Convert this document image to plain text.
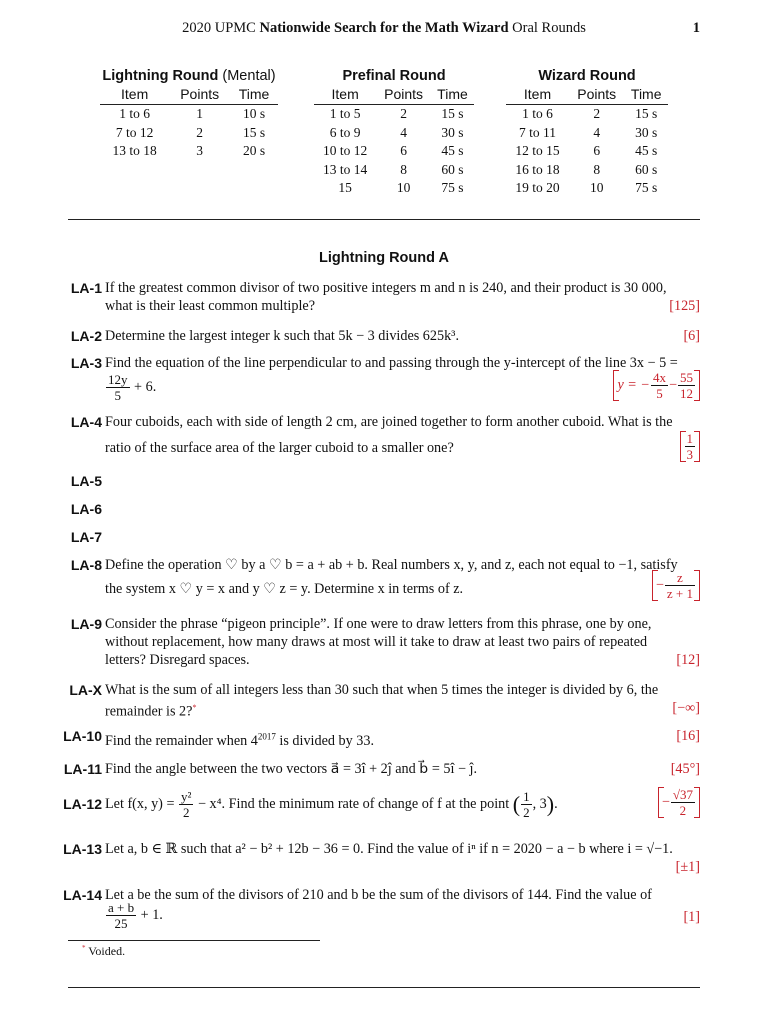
2020 UPMC Nationwide Search for the Math Wizard Oral Rounds	1
Lightning Round (Mental)
Item	Points	Time
1 to 6	1	10 s
7 to 12	2	15 s
13 to 18	3	20 s
Prefinal Round
Item	Points	Time
1 to 5	2	15 s
6 to 9	4	30 s
10 to 12	6	45 s
13 to 14	8	60 s
15	10	75 s
Wizard Round
Item	Points	Time
1 to 6	2	15 s
7 to 11	4	30 s
12 to 15	6	45 s
16 to 18	8	60 s
19 to 20	10	75 s
Lightning Round A
LA-1 If the greatest common divisor of two positive integers m and n is 240, and their product is 30 000,
what is their least common multiple?	[125]
LA-2 Determine the largest integer k such that 5k − 3 divides 625k³.	[6]
LA-3 Find the equation of the line perpendicular to and passing through the y-intercept of the line 3x − 5 =
$\frac{12y}{5} + 6$.	y = − $\frac{4x}{5} - \frac{55}{12}$
LA-4 Four cuboids, each with side of length 2 cm, are joined together to form another cuboid. What is the
ratio of the surface area of the larger cuboid to a smaller one?	$\frac{1}{3}$
LA-5
LA-6
LA-7
LA-8 Define the operation ♡ by a ♡ b = a + ab + b. Real numbers x, y, and z, each not equal to −1, satisfy
the system x ♡ y = x and y ♡ z = y. Determine x in terms of z.	− $\frac{z}{z + 1}$
LA-9 Consider the phrase “pigeon principle”. If one were to draw letters from this phrase, one by one,
without replacement, how many draws at most will it take to draw at least two pairs of repeated
letters? Disregard spaces.	[12]
LA-X What is the sum of all integers less than 30 such that when 5 times the integer is divided by 6, the
remainder is 2?*	[−∞]
LA-10 Find the remainder when $4^{2017}$ is divided by 33.	[16]
LA-11 Find the angle between the two vectors a⃗ = 3î + 2ĵ and b⃗ = 5î − ĵ.	[45°]
LA-12 Let f(x, $y) = \frac{\text{y²}}{2} - x^4$. Find the minimum rate of change of f at the point ( $\frac{1}{2}$ , 3).	− $\frac{√37}{2}$
LA-13 Let a, b ∈ ℝ such that a² − b² + 12b − 36 = 0. Find the value of iⁿ if n = 2020 − a − b where i = √−1.
[±1]
LA-14 Let a be the sum of the divisors of 210 and b be the sum of the divisors of 144. Find the value of
$\frac{a + b}{25} + 1$.	[1]
* Voided.
